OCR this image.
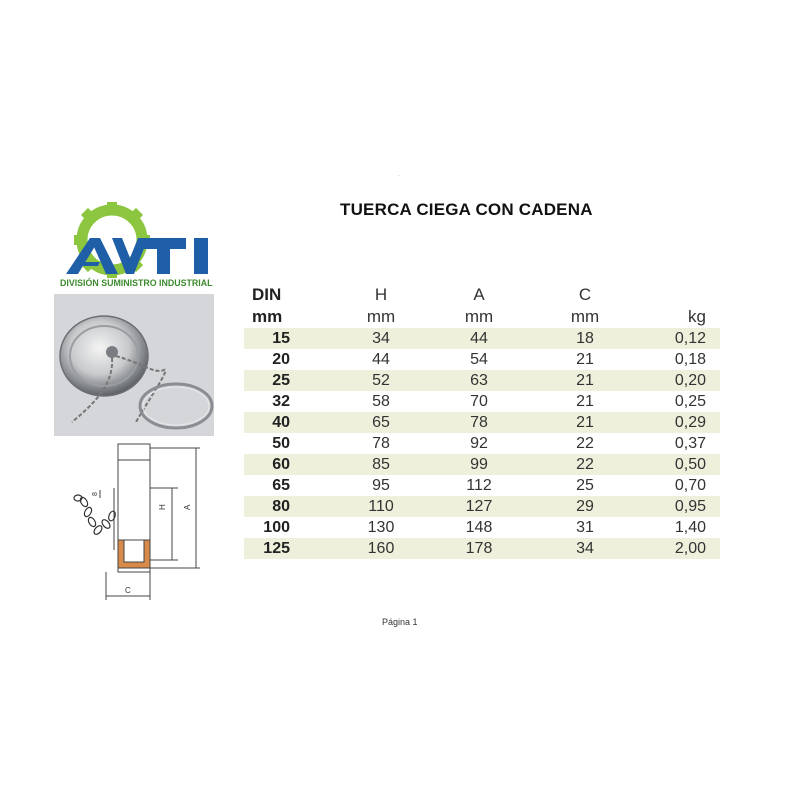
·
TUERCA CIEGA CON CADENA
DIVISIÓN SUMINISTRO INDUSTRIAL
H A
C
8
DIN	H	A	C
mm	mm	mm	mm	kg
15	34	44	18	0,12
20	44	54	21	0,18
25	52	63	21	0,20
32	58	70	21	0,25
40	65	78	21	0,29
50	78	92	22	0,37
60	85	99	22	0,50
65	95	112	25	0,70
80	110	127	29	0,95
100	130	148	31	1,40
125	160	178	34	2,00
Página 1
